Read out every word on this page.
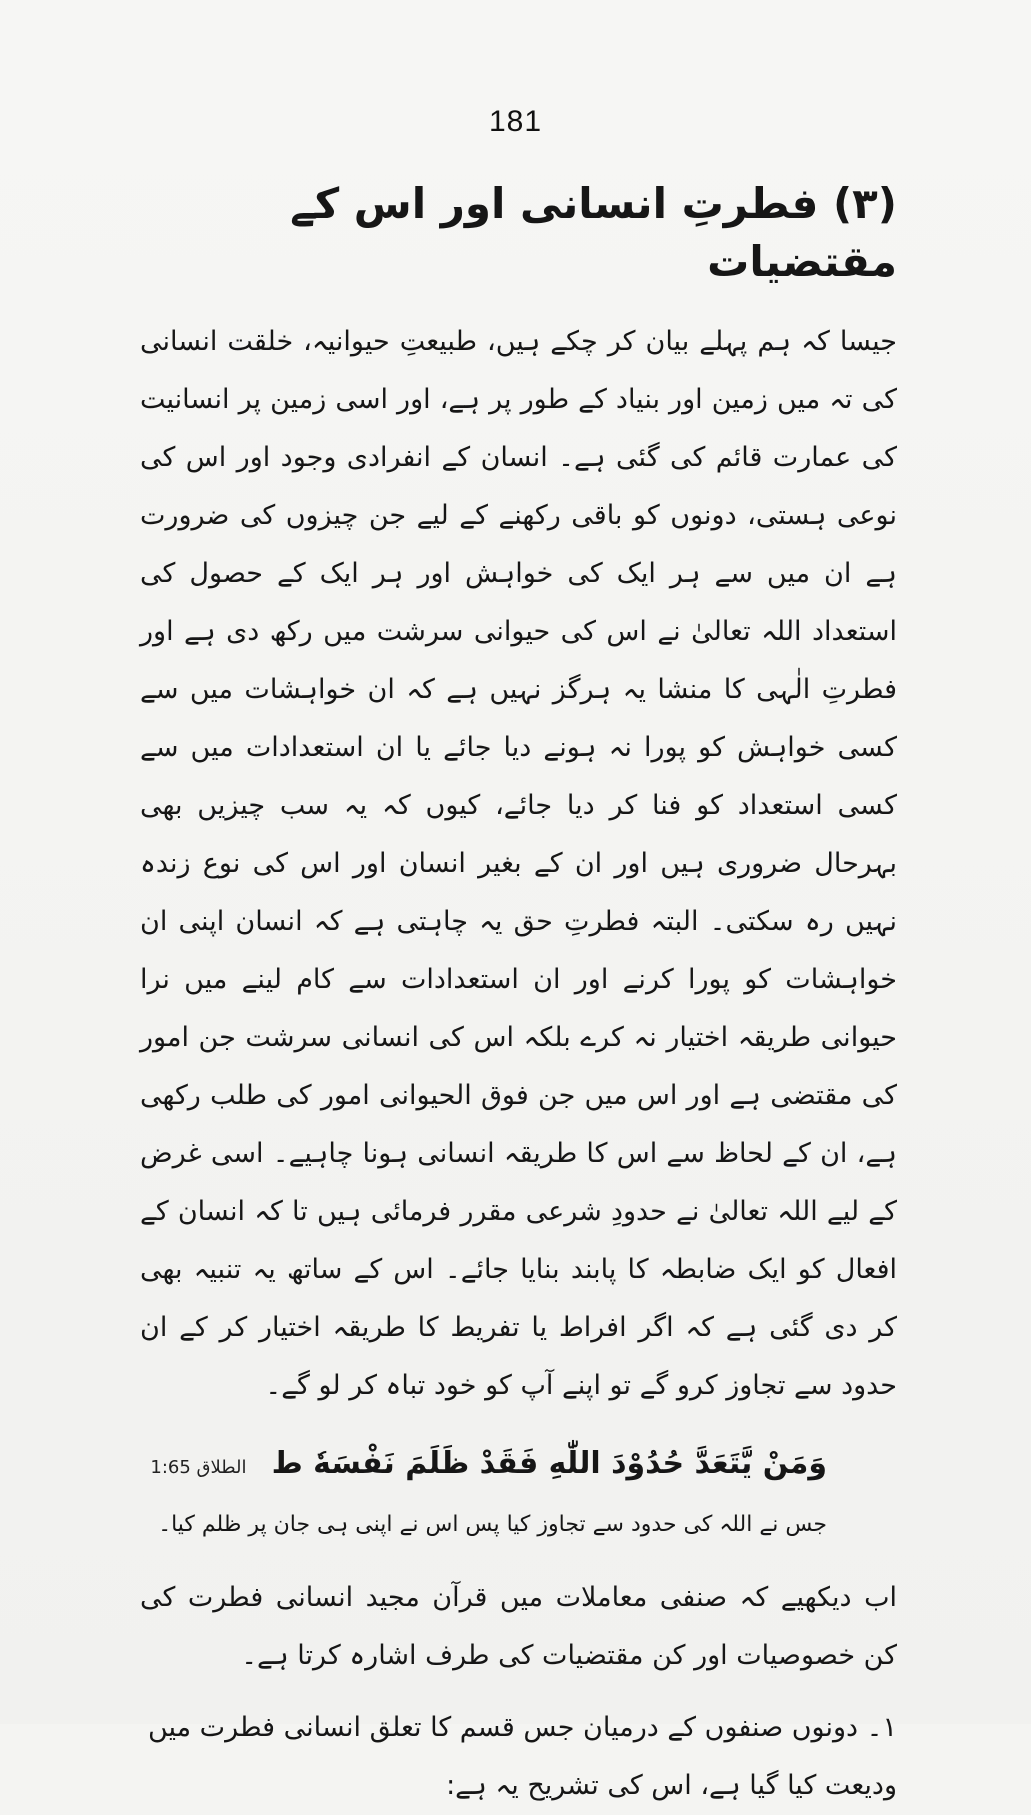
181
(۳) فطرتِ انسانی اور اس کے مقتضیات

جیسا کہ ہم پہلے بیان کر چکے ہیں، طبیعتِ حیوانیہ، خلقت انسانی کی تہ میں زمین اور بنیاد کے طور پر ہے، اور اسی زمین پر انسانیت کی عمارت قائم کی گئی ہے۔ انسان کے انفرادی وجود اور اس کی نوعی ہستی، دونوں کو باقی رکھنے کے لیے جن چیزوں کی ضرورت ہے ان میں سے ہر ایک کی خواہش اور ہر ایک کے حصول کی استعداد اللہ تعالیٰ نے اس کی حیوانی سرشت میں رکھ دی ہے اور فطرتِ الٰہی کا منشا یہ ہرگز نہیں ہے کہ ان خواہشات میں سے کسی خواہش کو پورا نہ ہونے دیا جائے یا ان استعدادات میں سے کسی استعداد کو فنا کر دیا جائے، کیوں کہ یہ سب چیزیں بھی بہرحال ضروری ہیں اور ان کے بغیر انسان اور اس کی نوع زندہ نہیں رہ سکتی۔ البتہ فطرتِ حق یہ چاہتی ہے کہ انسان اپنی ان خواہشات کو پورا کرنے اور ان استعدادات سے کام لینے میں نرا حیوانی طریقہ اختیار نہ کرے بلکہ اس کی انسانی سرشت جن امور کی مقتضی ہے اور اس میں جن فوق الحیوانی امور کی طلب رکھی ہے، ان کے لحاظ سے اس کا طریقہ انسانی ہونا چاہیے۔ اسی غرض کے لیے اللہ تعالیٰ نے حدودِ شرعی مقرر فرمائی ہیں تا کہ انسان کے افعال کو ایک ضابطہ کا پابند بنایا جائے۔ اس کے ساتھ یہ تنبیہ بھی کر دی گئی ہے کہ اگر افراط یا تفریط کا طریقہ اختیار کر کے ان حدود سے تجاوز کرو گے تو اپنے آپ کو خود تباہ کر لو گے۔

وَمَنْ يَّتَعَدَّ حُدُوْدَ اللّٰهِ فَقَدْ ظَلَمَ نَفْسَهٗ ط الطلاق 1:65
جس نے اللہ کی حدود سے تجاوز کیا پس اس نے اپنی ہی جان پر ظلم کیا۔

اب دیکھیے کہ صنفی معاملات میں قرآن مجید انسانی فطرت کی کن خصوصیات اور کن مقتضیات کی طرف اشارہ کرتا ہے۔

۱۔ دونوں صنفوں کے درمیان جس قسم کا تعلق انسانی فطرت میں ودیعت کیا گیا ہے، اس کی تشریح یہ ہے:
